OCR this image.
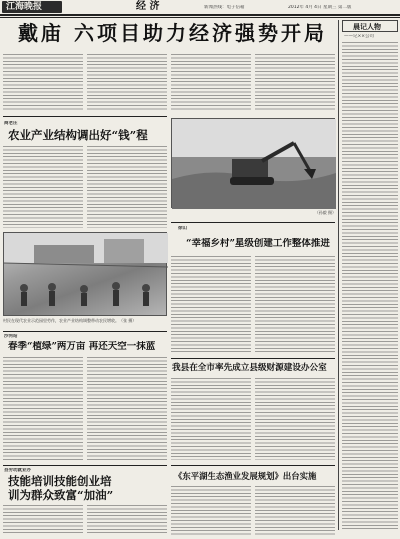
江海晚报	经 济	新闻热线：电子信箱	2012年 4月 4日 星期三 第二版
戴庙 六项目助力经济强势开局	晨记人物
——记××公司
商老庄
农业产业结构调出好“钱”程
村民在现代农业示范园里劳作，农业产业结构调整带动农民增收。（张 摄）
（孙毅 摄）
徐山
“幸福乡村”星级创建工作整体推进
沙河站
春季“植绿”两万亩 再还天空一抹蓝
我县在全市率先成立县级财源建设办公室
县劳动就业办
技能培训技能创业培
训为群众致富“加油”
《东平湖生态渔业发展规划》出台实施
